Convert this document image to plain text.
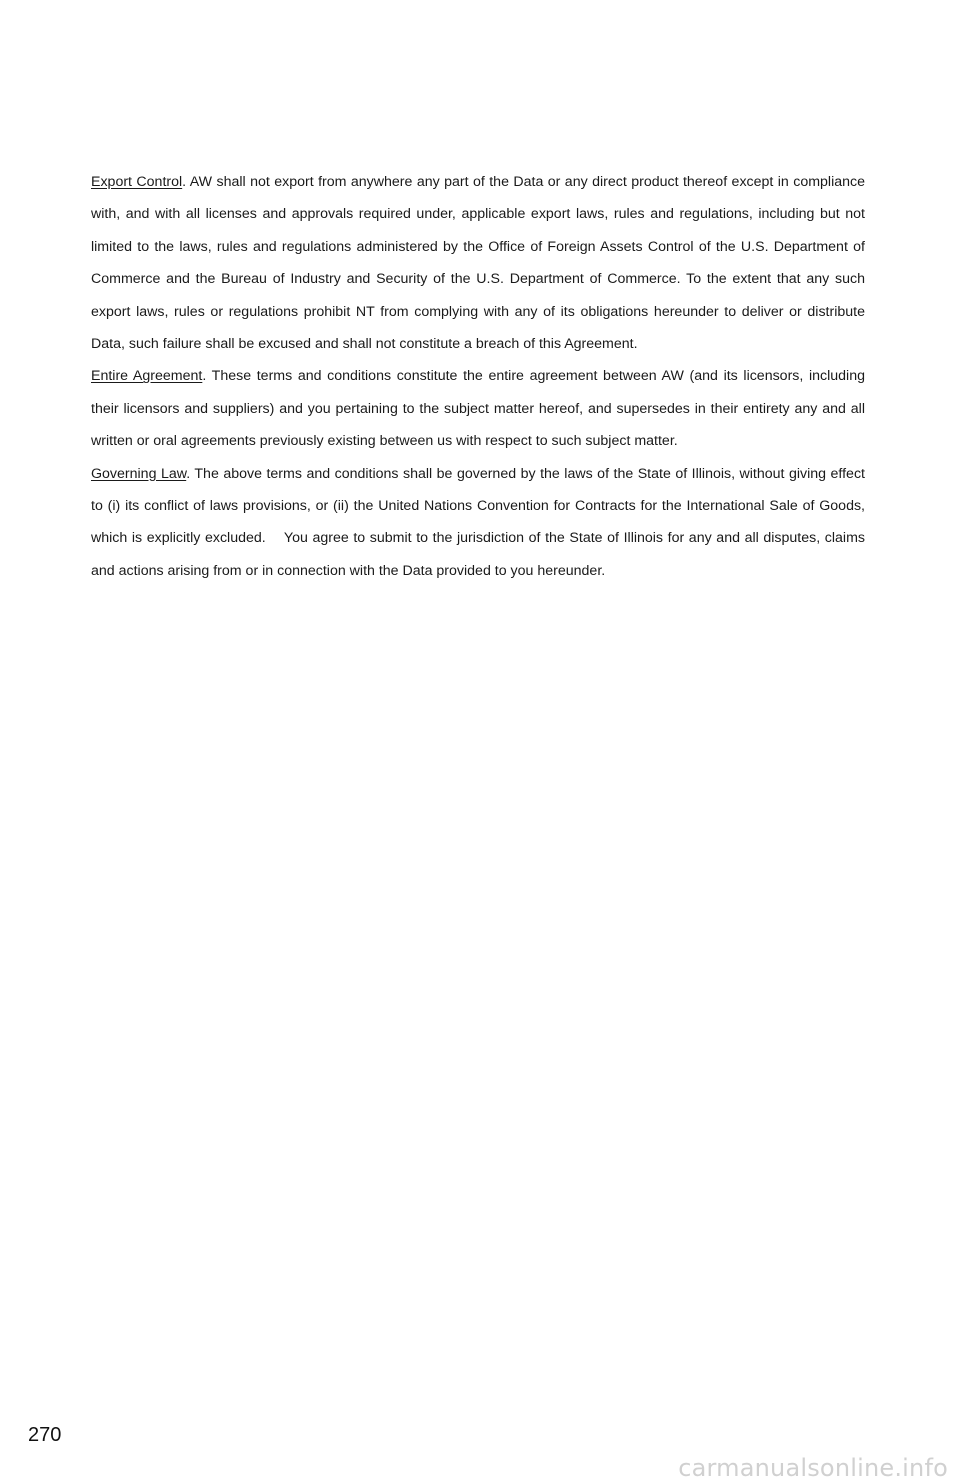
Export Control. AW shall not export from anywhere any part of the Data or any direct product thereof except in compliance with, and with all licenses and approvals required under, applicable export laws, rules and regulations, including but not limited to the laws, rules and regulations administered by the Office of Foreign Assets Control of the U.S. Department of Commerce and the Bureau of Industry and Security of the U.S. Department of Commerce. To the extent that any such export laws, rules or regulations prohibit NT from complying with any of its obligations hereunder to deliver or distribute Data, such failure shall be excused and shall not constitute a breach of this Agreement.

Entire Agreement. These terms and conditions constitute the entire agreement between AW (and its licensors, including their licensors and suppliers) and you pertaining to the subject matter hereof, and supersedes in their entirety any and all written or oral agreements previously existing between us with respect to such subject matter.

Governing Law. The above terms and conditions shall be governed by the laws of the State of Illinois, without giving effect to (i) its conflict of laws provisions, or (ii) the United Nations Convention for Contracts for the International Sale of Goods, which is explicitly excluded.    You agree to submit to the jurisdiction of the State of Illinois for any and all disputes, claims and actions arising from or in connection with the Data provided to you hereunder.

270
carmanualsonline.info
